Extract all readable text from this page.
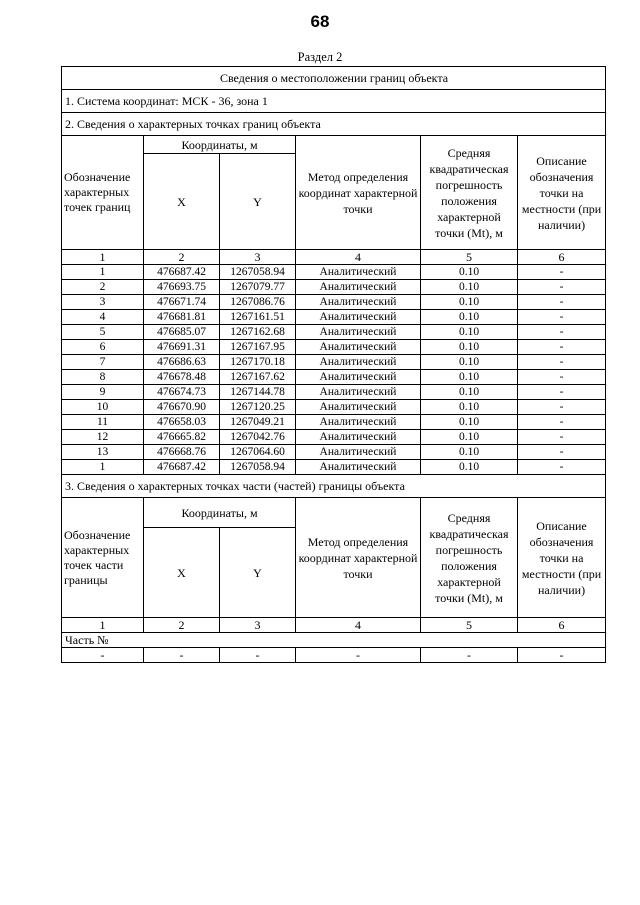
68
Раздел 2
Сведения о местоположении границ объекта					
1. Система координат: МСК - 36, зона 1					
2. Сведения о характерных точках границ объекта					
Обозначение характерных точек границ	Координаты, м		Метод определения координат характерной точки	Средняя квадратическая погрешность положения характерной точки (Mt), м	Описание обозначения точки на местности (при наличии)
	X	Y			
1	2	3	4	5	6
1	476687.42	1267058.94	Аналитический	0.10	-
2	476693.75	1267079.77	Аналитический	0.10	-
3	476671.74	1267086.76	Аналитический	0.10	-
4	476681.81	1267161.51	Аналитический	0.10	-
5	476685.07	1267162.68	Аналитический	0.10	-
6	476691.31	1267167.95	Аналитический	0.10	-
7	476686.63	1267170.18	Аналитический	0.10	-
8	476678.48	1267167.62	Аналитический	0.10	-
9	476674.73	1267144.78	Аналитический	0.10	-
10	476670.90	1267120.25	Аналитический	0.10	-
11	476658.03	1267049.21	Аналитический	0.10	-
12	476665.82	1267042.76	Аналитический	0.10	-
13	476668.76	1267064.60	Аналитический	0.10	-
1	476687.42	1267058.94	Аналитический	0.10	-
3. Сведения о характерных точках части (частей) границы объекта					
Обозначение характерных точек части границы	Координаты, м		Метод определения координат характерной точки	Средняя квадратическая погрешность положения характерной точки (Mt), м	Описание обозначения точки на местности (при наличии)
	X	Y			
1	2	3	4	5	6
Часть №					
-	-	-	-	-	-
